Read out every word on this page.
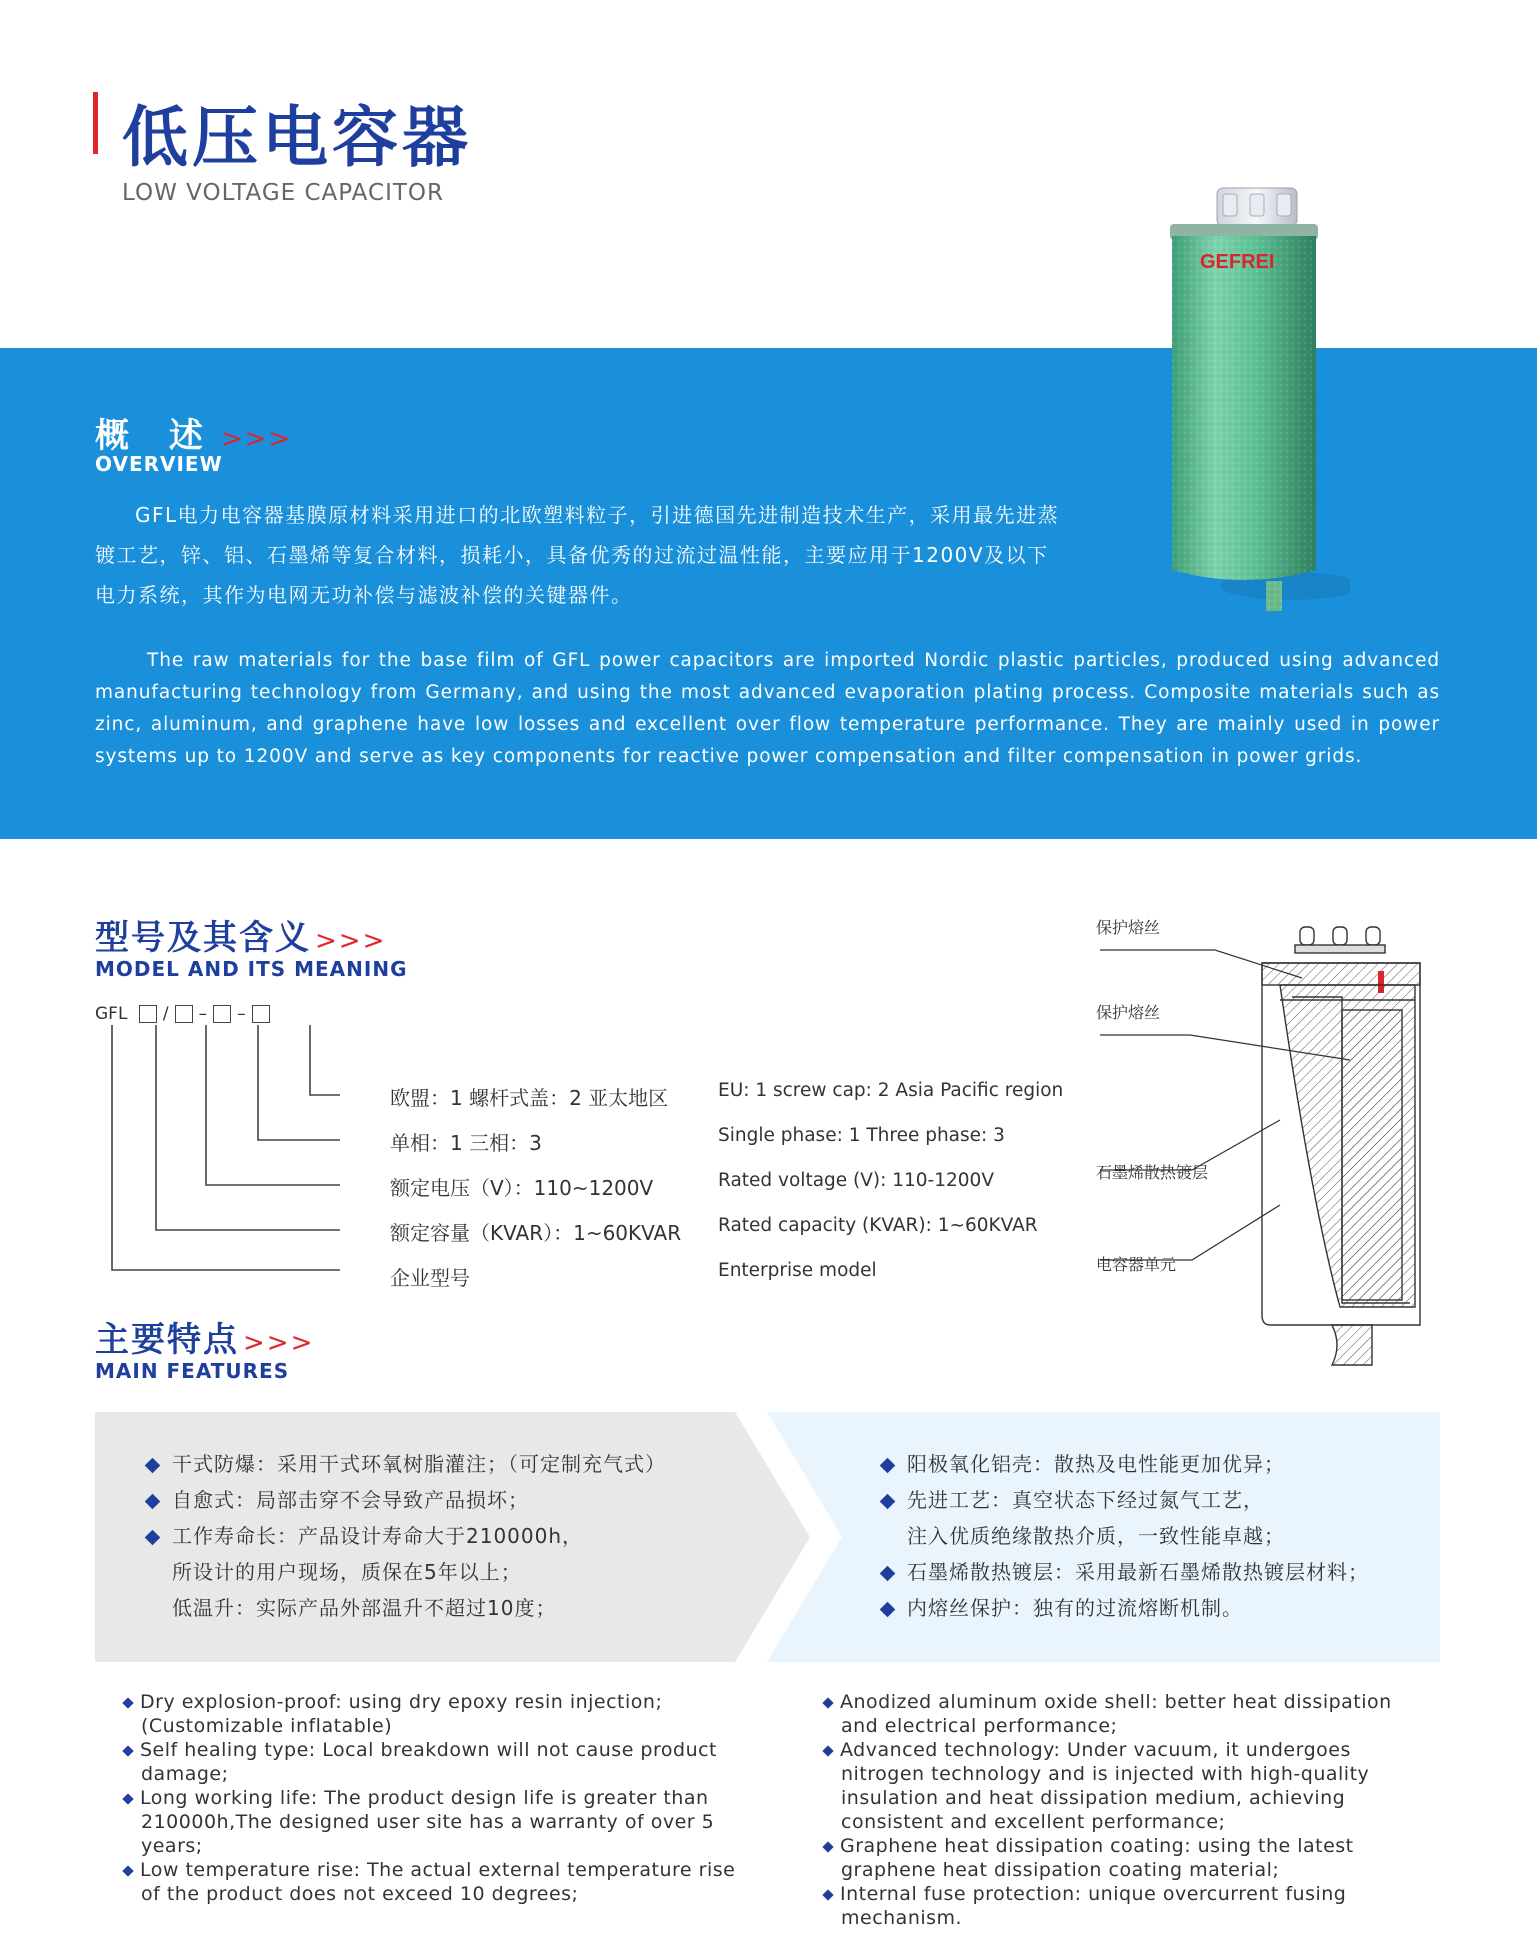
低压电容器
LOW VOLTAGE CAPACITOR
概 述 >>>
OVERVIEW
GFL电力电容器基膜原材料采用进口的北欧塑料粒子，引进德国先进制造技术生产，采用最先进蒸镀工艺，锌、铝、石墨烯等复合材料，损耗小，具备优秀的过流过温性能，主要应用于1200V及以下电力系统，其作为电网无功补偿与滤波补偿的关键器件。
The raw materials for the base film of GFL power capacitors are imported Nordic plastic particles, produced using advanced manufacturing technology from Germany, and using the most advanced evaporation plating process. Composite materials such as zinc, aluminum, and graphene have low losses and excellent over flow temperature performance. They are mainly used in power systems up to 1200V and serve as key components for reactive power compensation and filter compensation in power grids.
GEFREI
型号及其含义 >>>
MODEL AND ITS MEANING
GFL / – –
欧盟：1 螺杆式盖：2 亚太地区	EU: 1 screw cap: 2 Asia Pacific region
单相：1 三相：3	Single phase: 1 Three phase: 3
额定电压（V）：110~1200V	Rated voltage (V): 110-1200V
额定容量（KVAR）：1~60KVAR Rated capacity (KVAR): 1~60KVAR
企业型号	Enterprise model
保护熔丝
保护熔丝
石墨烯散热镀层
电容器单元
主要特点 >>>
MAIN FEATURES
干式防爆：采用干式环氧树脂灌注；（可定制充气式）
自愈式：局部击穿不会导致产品损坏；
工作寿命长：产品设计寿命大于210000h，
所设计的用户现场，质保在5年以上；
低温升：实际产品外部温升不超过10度；
阳极氧化铝壳：散热及电性能更加优异；
先进工艺：真空状态下经过氮气工艺，
注入优质绝缘散热介质，一致性能卓越；
石墨烯散热镀层：采用最新石墨烯散热镀层材料；
内熔丝保护：独有的过流熔断机制。
Dry explosion-proof: using dry epoxy resin injection;
(Customizable inflatable)
Self healing type: Local breakdown will not cause product
damage;
Long working life: The product design life is greater than
210000h,The designed user site has a warranty of over 5
years;
Low temperature rise: The actual external temperature rise
of the product does not exceed 10 degrees;
Anodized aluminum oxide shell: better heat dissipation
and electrical performance;
Advanced technology: Under vacuum, it undergoes
nitrogen technology and is injected with high-quality
insulation and heat dissipation medium, achieving
consistent and excellent performance;
Graphene heat dissipation coating: using the latest
graphene heat dissipation coating material;
Internal fuse protection: unique overcurrent fusing
mechanism.
